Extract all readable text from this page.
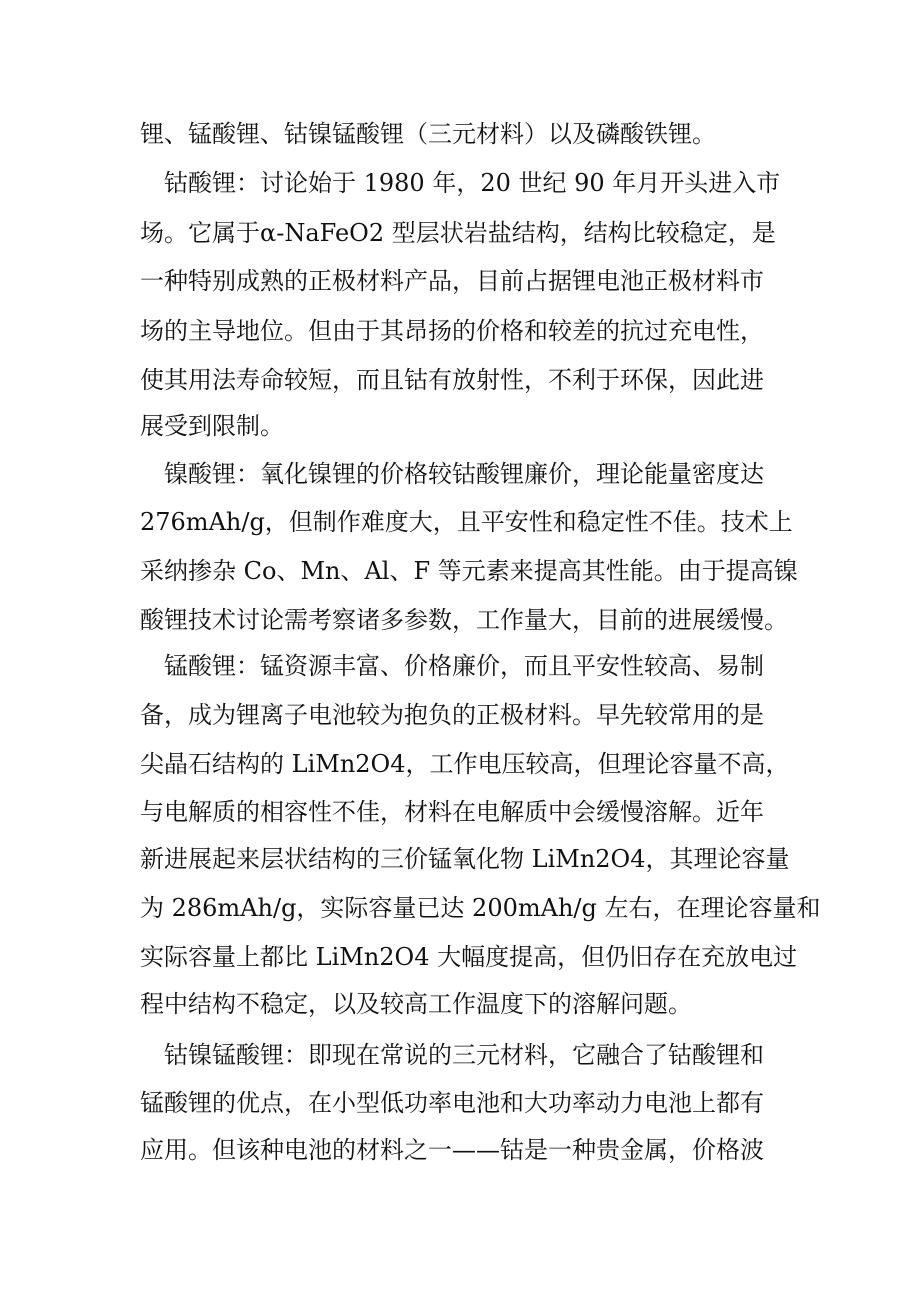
锂、锰酸锂、钴镍锰酸锂（三元材料）以及磷酸铁锂。
钴酸锂：讨论始于 1980 年，20 世纪 90 年月开头进入市
场。它属于α-NaFeO2 型层状岩盐结构，结构比较稳定，是
一种特别成熟的正极材料产品，目前占据锂电池正极材料市
场的主导地位。但由于其昂扬的价格和较差的抗过充电性，
使其用法寿命较短，而且钴有放射性，不利于环保，因此进
展受到限制。
镍酸锂：氧化镍锂的价格较钴酸锂廉价，理论能量密度达
276mAh/g，但制作难度大，且平安性和稳定性不佳。技术上
采纳掺杂 Co、Mn、Al、F 等元素来提高其性能。由于提高镍
酸锂技术讨论需考察诸多参数，工作量大，目前的进展缓慢。
锰酸锂：锰资源丰富、价格廉价，而且平安性较高、易制
备，成为锂离子电池较为抱负的正极材料。早先较常用的是
尖晶石结构的 LiMn2O4，工作电压较高，但理论容量不高，
与电解质的相容性不佳，材料在电解质中会缓慢溶解。近年
新进展起来层状结构的三价锰氧化物 LiMn2O4，其理论容量
为 286mAh/g，实际容量已达 200mAh/g 左右，在理论容量和
实际容量上都比 LiMn2O4 大幅度提高，但仍旧存在充放电过
程中结构不稳定，以及较高工作温度下的溶解问题。
钴镍锰酸锂：即现在常说的三元材料，它融合了钴酸锂和
锰酸锂的优点，在小型低功率电池和大功率动力电池上都有
应用。但该种电池的材料之一——钴是一种贵金属，价格波
